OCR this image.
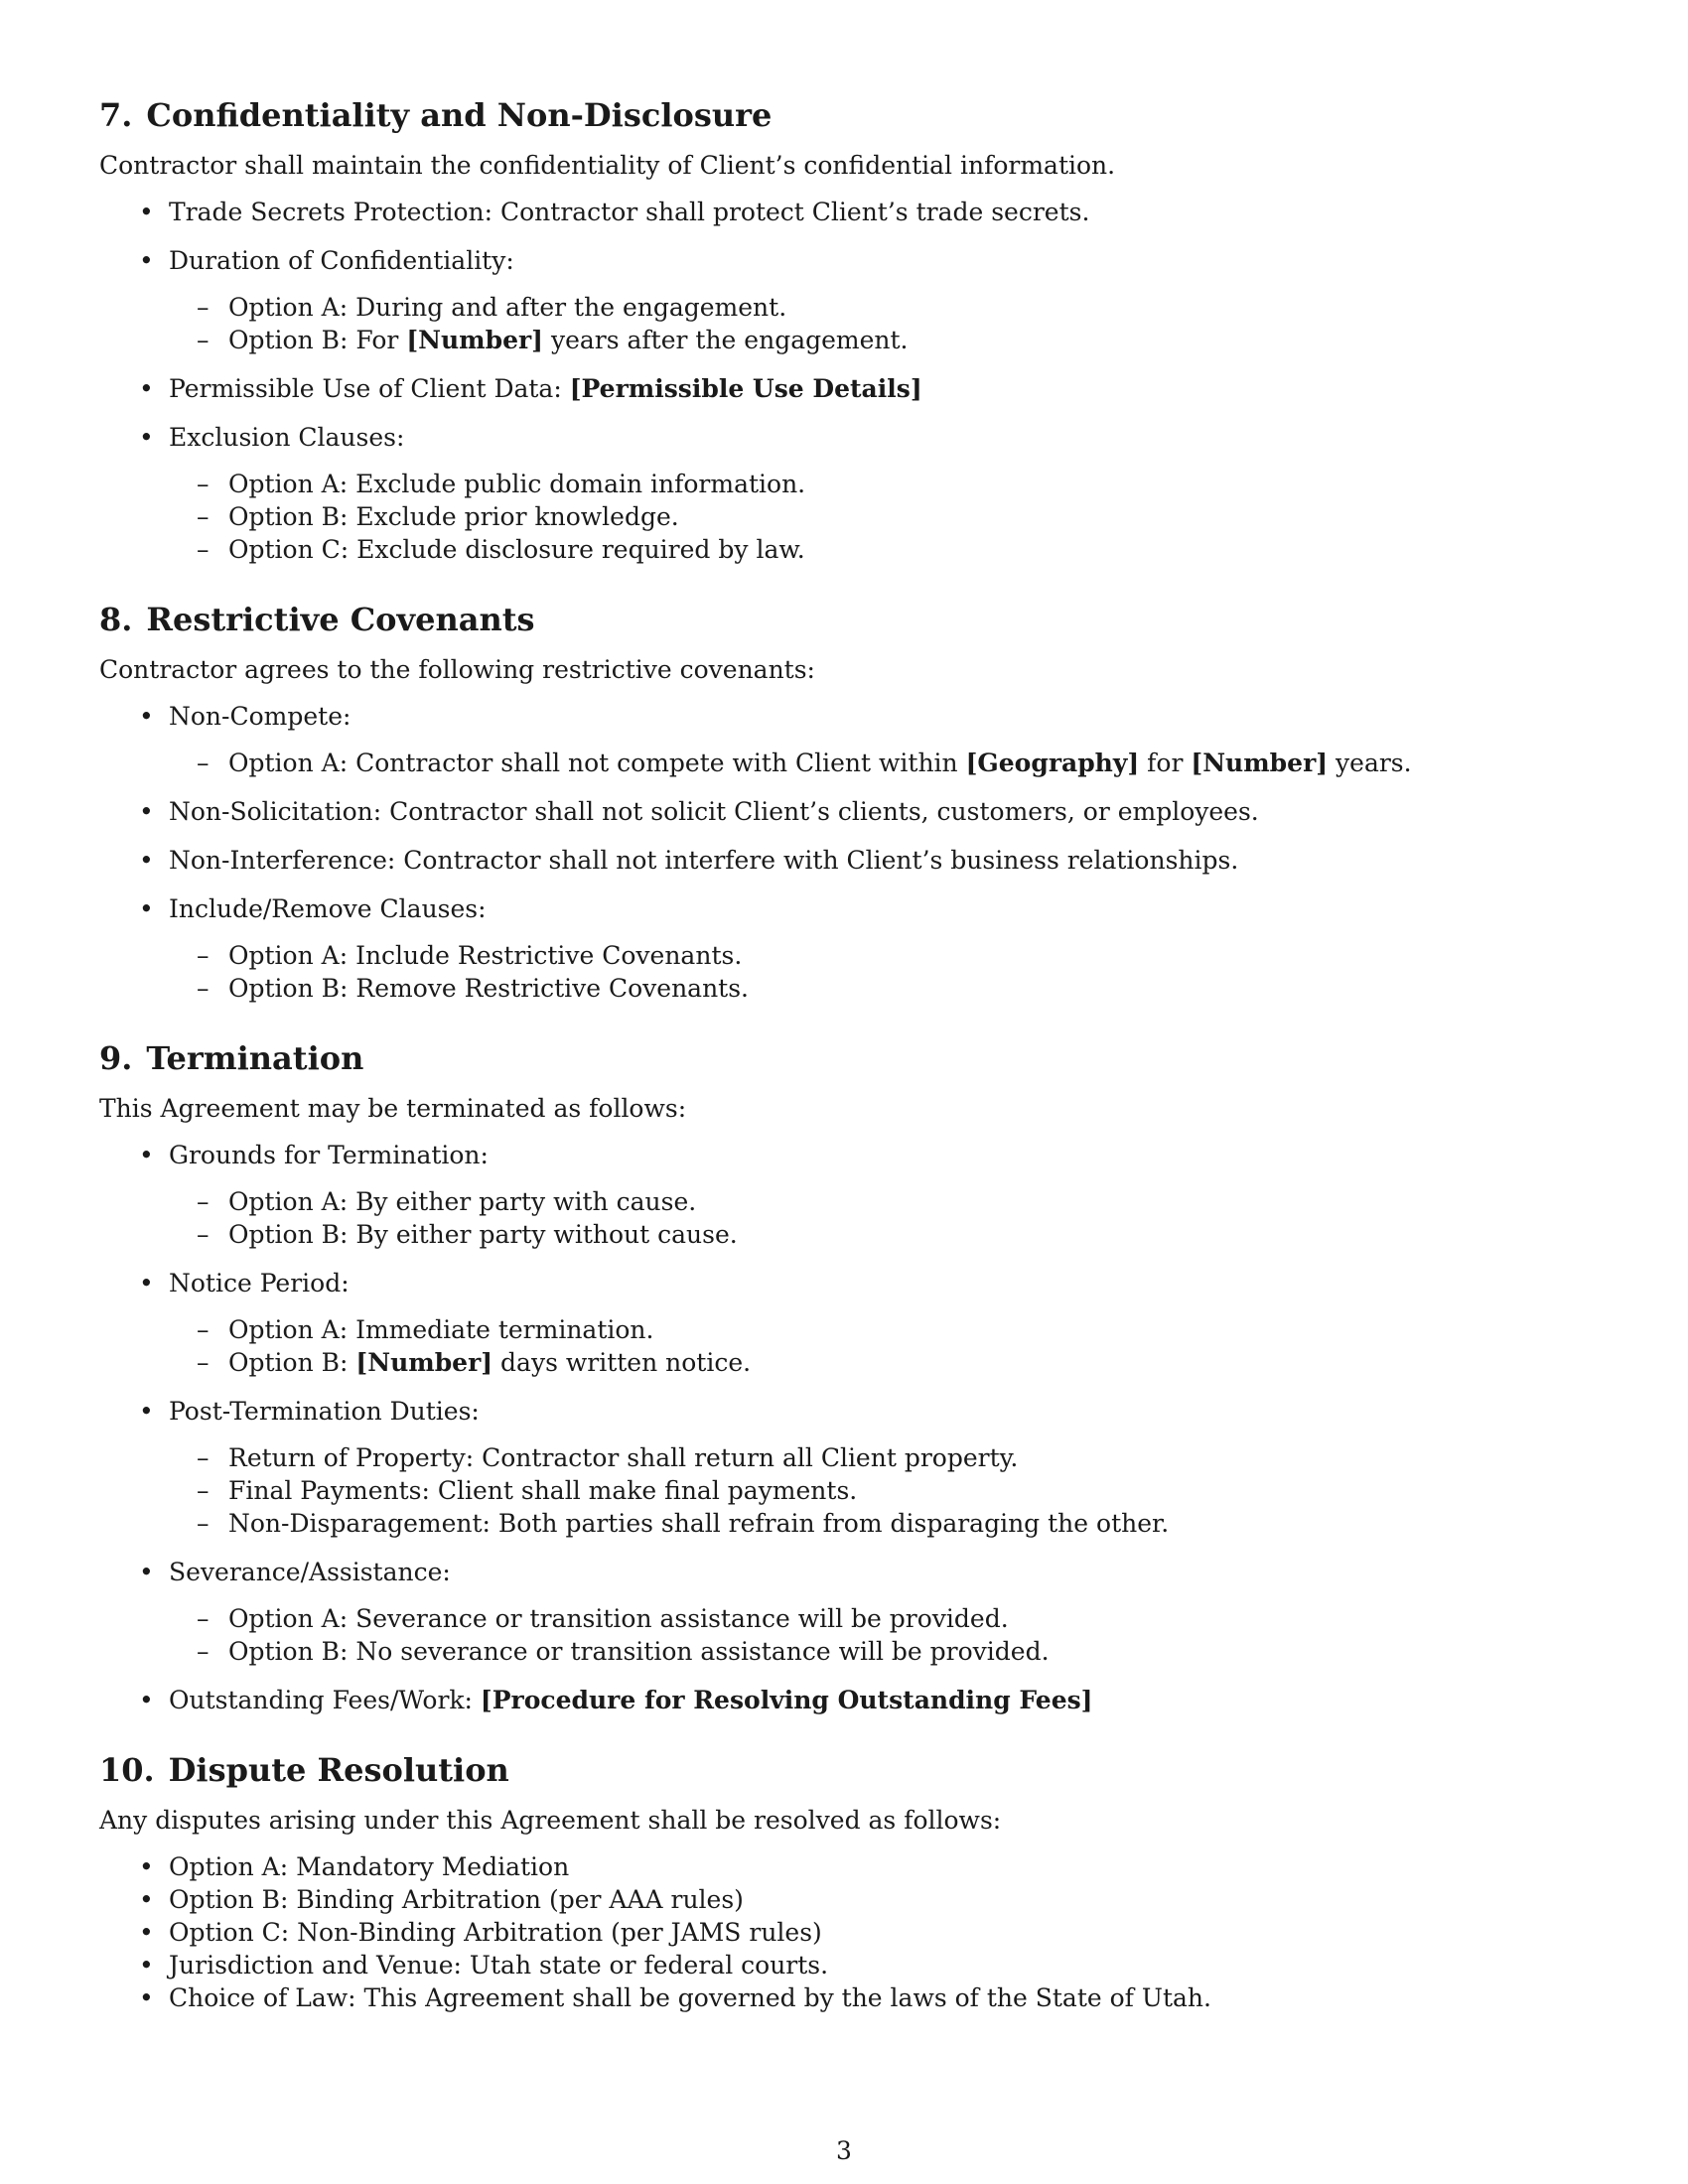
7. Confidentiality and Non-Disclosure

Contractor shall maintain the confidentiality of Client’s confidential information.

• Trade Secrets Protection: Contractor shall protect Client’s trade secrets.
• Duration of Confidentiality:
– Option A: During and after the engagement.
– Option B: For [Number] years after the engagement.
• Permissible Use of Client Data: [Permissible Use Details]
• Exclusion Clauses:
– Option A: Exclude public domain information.
– Option B: Exclude prior knowledge.
– Option C: Exclude disclosure required by law.
8. Restrictive Covenants

Contractor agrees to the following restrictive covenants:

• Non-Compete:
– Option A: Contractor shall not compete with Client within [Geography] for [Number] years.
• Non-Solicitation: Contractor shall not solicit Client’s clients, customers, or employees.
• Non-Interference: Contractor shall not interfere with Client’s business relationships.
• Include/Remove Clauses:
– Option A: Include Restrictive Covenants.
– Option B: Remove Restrictive Covenants.
9. Termination

This Agreement may be terminated as follows:

• Grounds for Termination:
– Option A: By either party with cause.
– Option B: By either party without cause.
• Notice Period:
– Option A: Immediate termination.
– Option B: [Number] days written notice.
• Post-Termination Duties:
– Return of Property: Contractor shall return all Client property.
– Final Payments: Client shall make final payments.
– Non-Disparagement: Both parties shall refrain from disparaging the other.
• Severance/Assistance:
– Option A: Severance or transition assistance will be provided.
– Option B: No severance or transition assistance will be provided.
• Outstanding Fees/Work: [Procedure for Resolving Outstanding Fees]
10. Dispute Resolution

Any disputes arising under this Agreement shall be resolved as follows:

• Option A: Mandatory Mediation
• Option B: Binding Arbitration (per AAA rules)
• Option C: Non-Binding Arbitration (per JAMS rules)
• Jurisdiction and Venue: Utah state or federal courts.
• Choice of Law: This Agreement shall be governed by the laws of the State of Utah.
3
